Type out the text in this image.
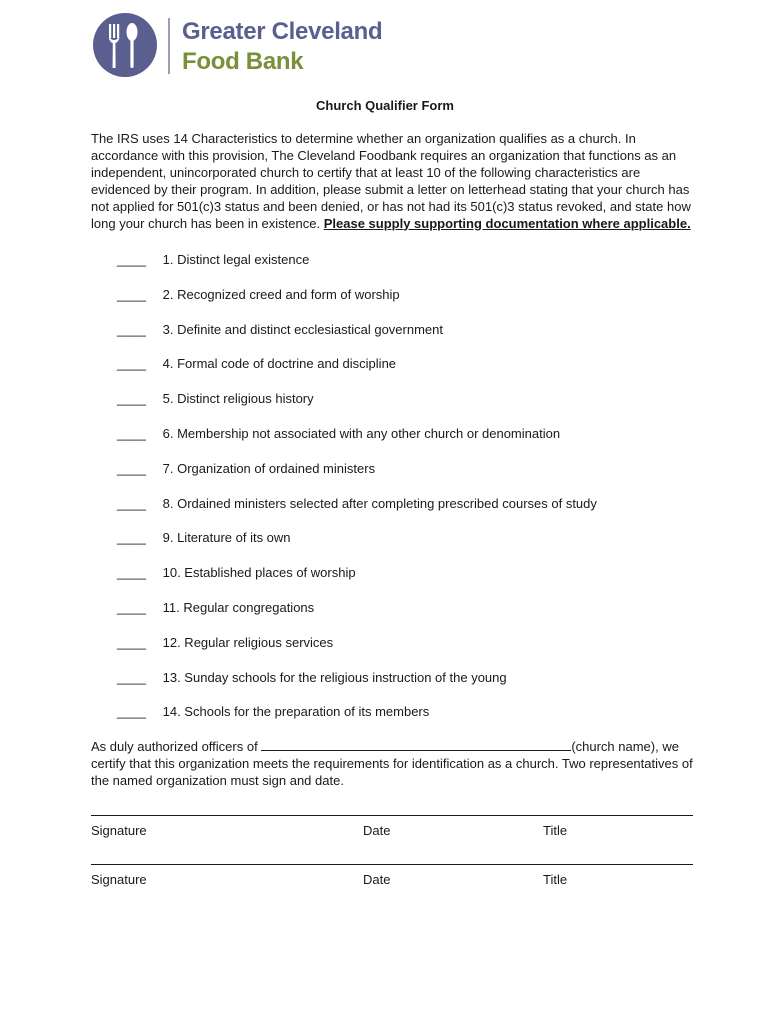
Greater Cleveland
Food Bank
Church Qualifier Form
The IRS uses 14 Characteristics to determine whether an organization qualifies as a church. In accordance with this provision, The Cleveland Foodbank requires an organization that functions as an independent, unincorporated church to certify that at least 10 of the following characteristics are evidenced by their program. In addition, please submit a letter on letterhead stating that your church has not applied for 501(c)3 status and been denied, or has not had its 501(c)3 status revoked, and state how long your church has been in existence. Please supply supporting documentation where applicable.
____ 1. Distinct legal existence
____ 2. Recognized creed and form of worship
____ 3. Definite and distinct ecclesiastical government
____ 4. Formal code of doctrine and discipline
____ 5. Distinct religious history
____ 6. Membership not associated with any other church or denomination
____ 7. Organization of ordained ministers
____ 8. Ordained ministers selected after completing prescribed courses of study
____ 9. Literature of its own
____ 10. Established places of worship
____ 11. Regular congregations
____ 12. Regular religious services
____ 13. Sunday schools for the religious instruction of the young
____ 14. Schools for the preparation of its members
As duly authorized officers of	(church name), we certify that this organization meets the requirements for identification as a church. Two representatives of the named organization must sign and date.
Signature	Date	Title
Signature	Date	Title
